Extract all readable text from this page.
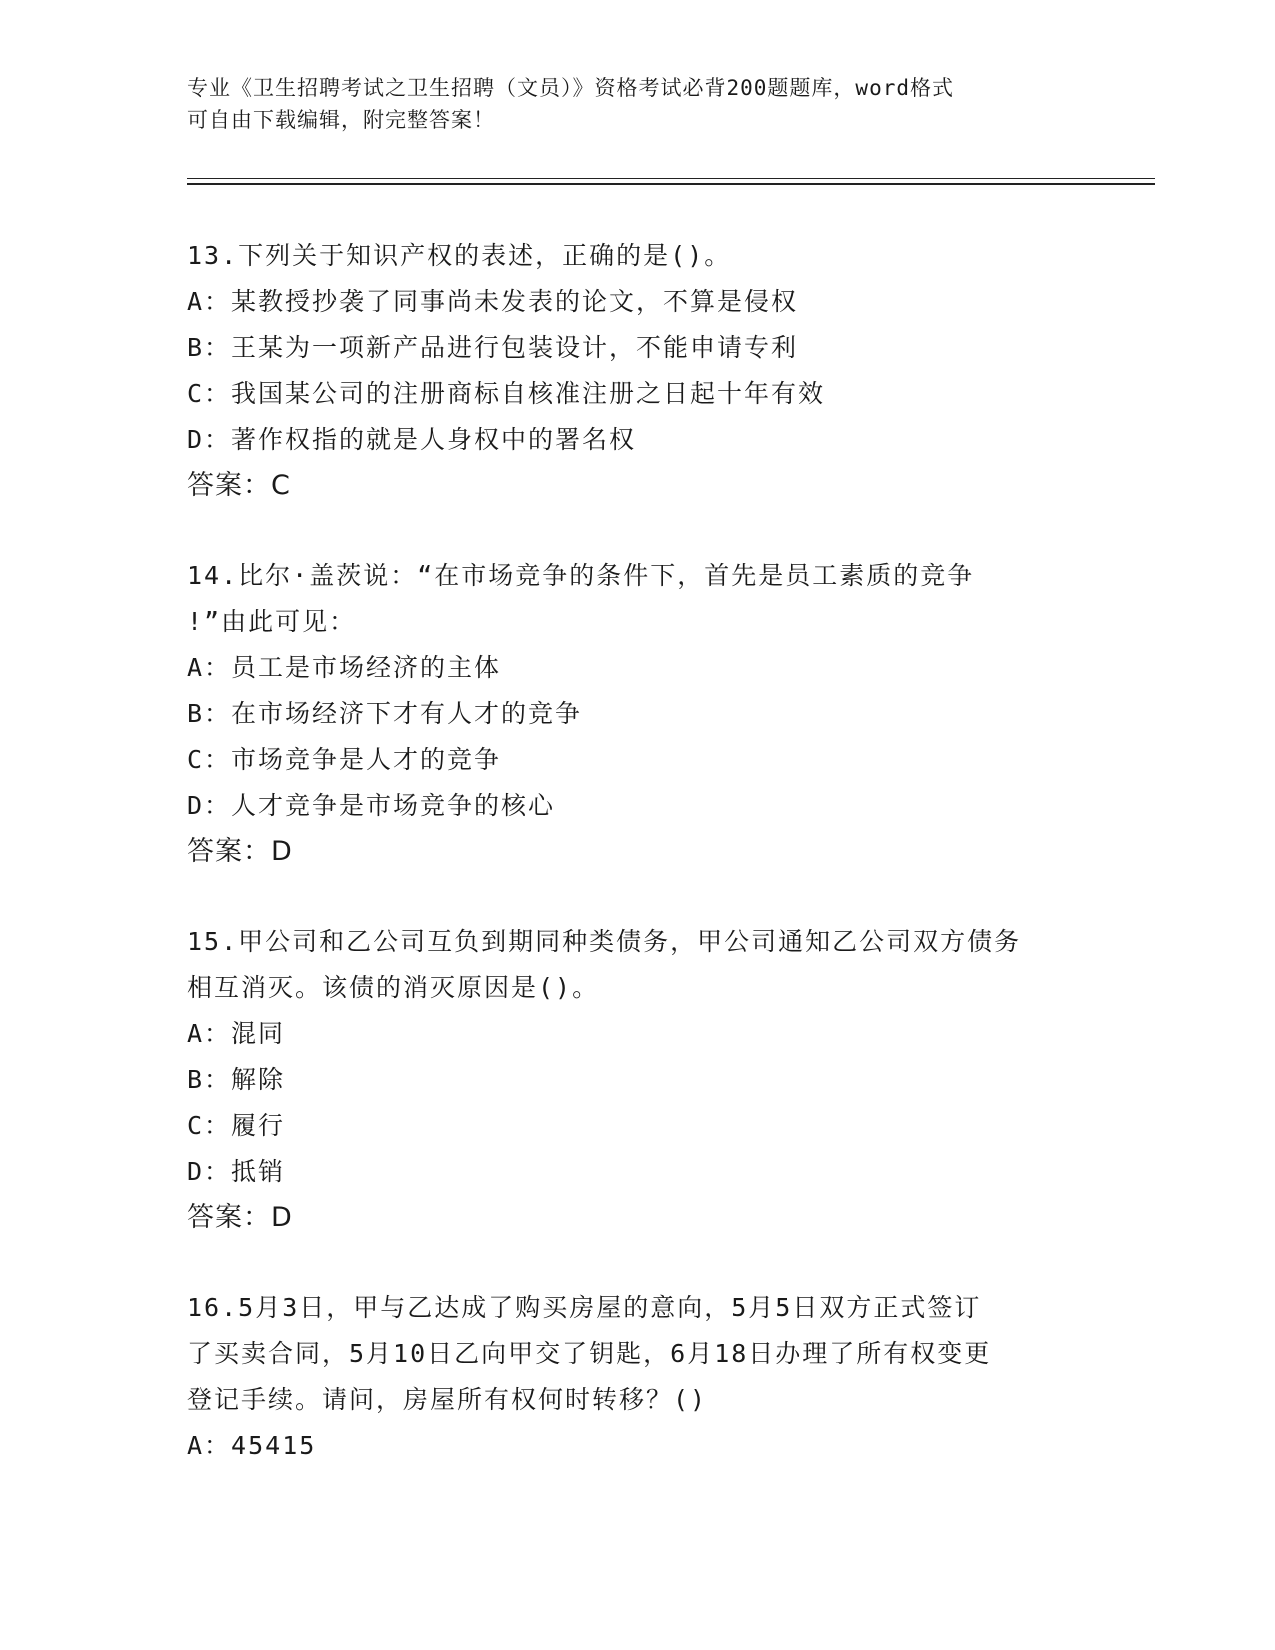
专业《卫生招聘考试之卫生招聘（文员）》资格考试必背200题题库，word格式
可自由下载编辑，附完整答案！
13.下列关于知识产权的表述，正确的是()。
A：某教授抄袭了同事尚未发表的论文，不算是侵权
B：王某为一项新产品进行包装设计，不能申请专利
C：我国某公司的注册商标自核准注册之日起十年有效
D：著作权指的就是人身权中的署名权
答案：C
14.比尔·盖茨说：“在市场竞争的条件下，首先是员工素质的竞争
!”由此可见：
A：员工是市场经济的主体
B：在市场经济下才有人才的竞争
C：市场竞争是人才的竞争
D：人才竞争是市场竞争的核心
答案：D
15.甲公司和乙公司互负到期同种类债务，甲公司通知乙公司双方债务
相互消灭。该债的消灭原因是()。
A：混同
B：解除
C：履行
D：抵销
答案：D
16.5月3日，甲与乙达成了购买房屋的意向，5月5日双方正式签订
了买卖合同，5月10日乙向甲交了钥匙，6月18日办理了所有权变更
登记手续。请问，房屋所有权何时转移？()
A：45415
